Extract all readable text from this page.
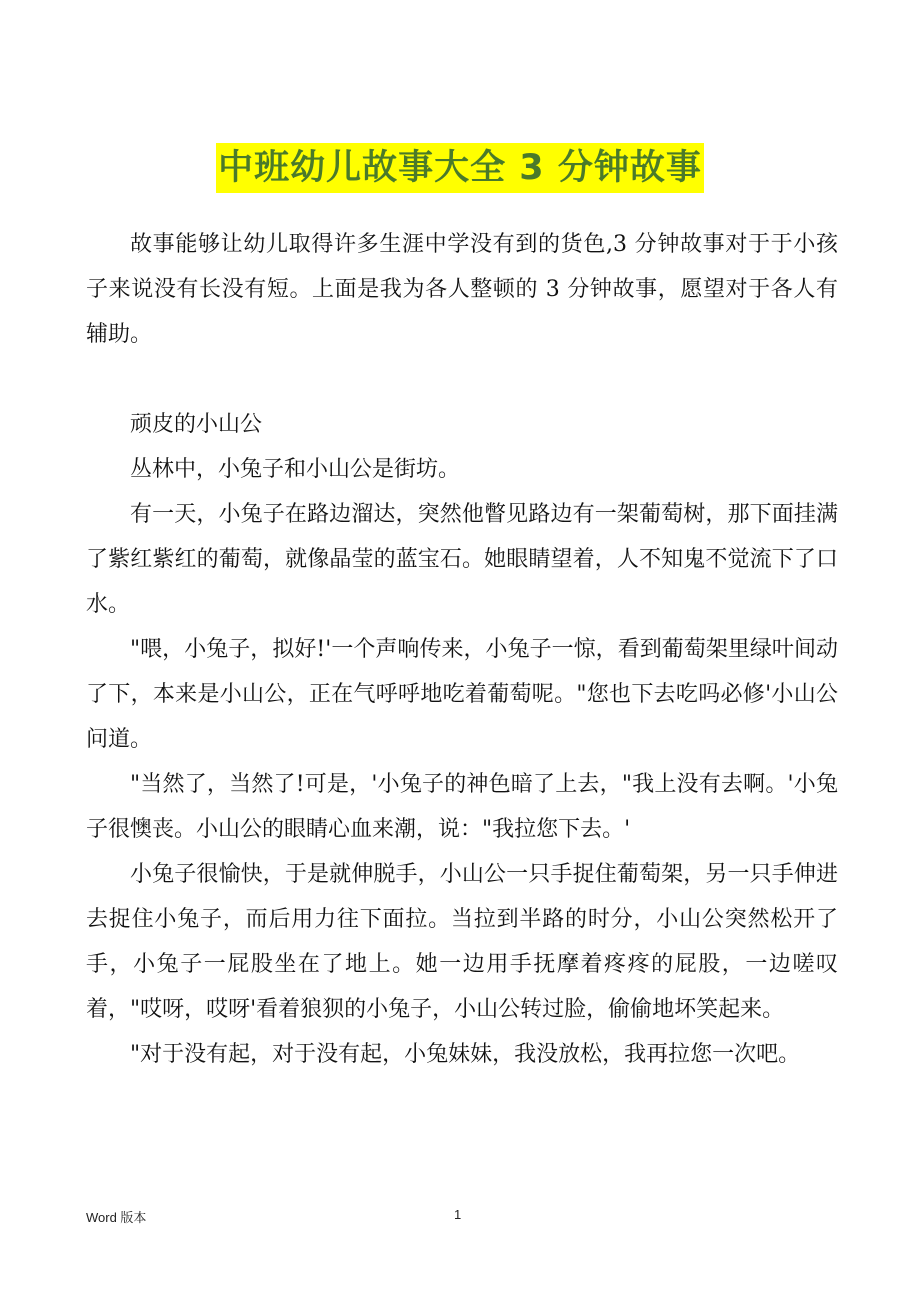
中班幼儿故事大全 3 分钟故事

故事能够让幼儿取得许多生涯中学没有到的货色,3 分钟故事对于于小孩子来说没有长没有短。上面是我为各人整顿的 3 分钟故事，愿望对于各人有辅助。

顽皮的小山公

丛林中，小兔子和小山公是街坊。

有一天，小兔子在路边溜达，突然他瞥见路边有一架葡萄树，那下面挂满了紫红紫红的葡萄，就像晶莹的蓝宝石。她眼睛望着，人不知鬼不觉流下了口水。

"喂，小兔子，拟好!'一个声响传来，小兔子一惊，看到葡萄架里绿叶间动了下，本来是小山公，正在气呼呼地吃着葡萄呢。"您也下去吃吗必修'小山公问道。

"当然了，当然了!可是，'小兔子的神色暗了上去，"我上没有去啊。'小兔子很懊丧。小山公的眼睛心血来潮，说："我拉您下去。'

小兔子很愉快，于是就伸脱手，小山公一只手捉住葡萄架，另一只手伸进去捉住小兔子，而后用力往下面拉。当拉到半路的时分，小山公突然松开了手，小兔子一屁股坐在了地上。她一边用手抚摩着疼疼的屁股，一边嗟叹着，"哎呀，哎呀'看着狼狈的小兔子，小山公转过脸，偷偷地坏笑起来。

"对于没有起，对于没有起，小兔妹妹，我没放松，我再拉您一次吧。

Word 版本	1
